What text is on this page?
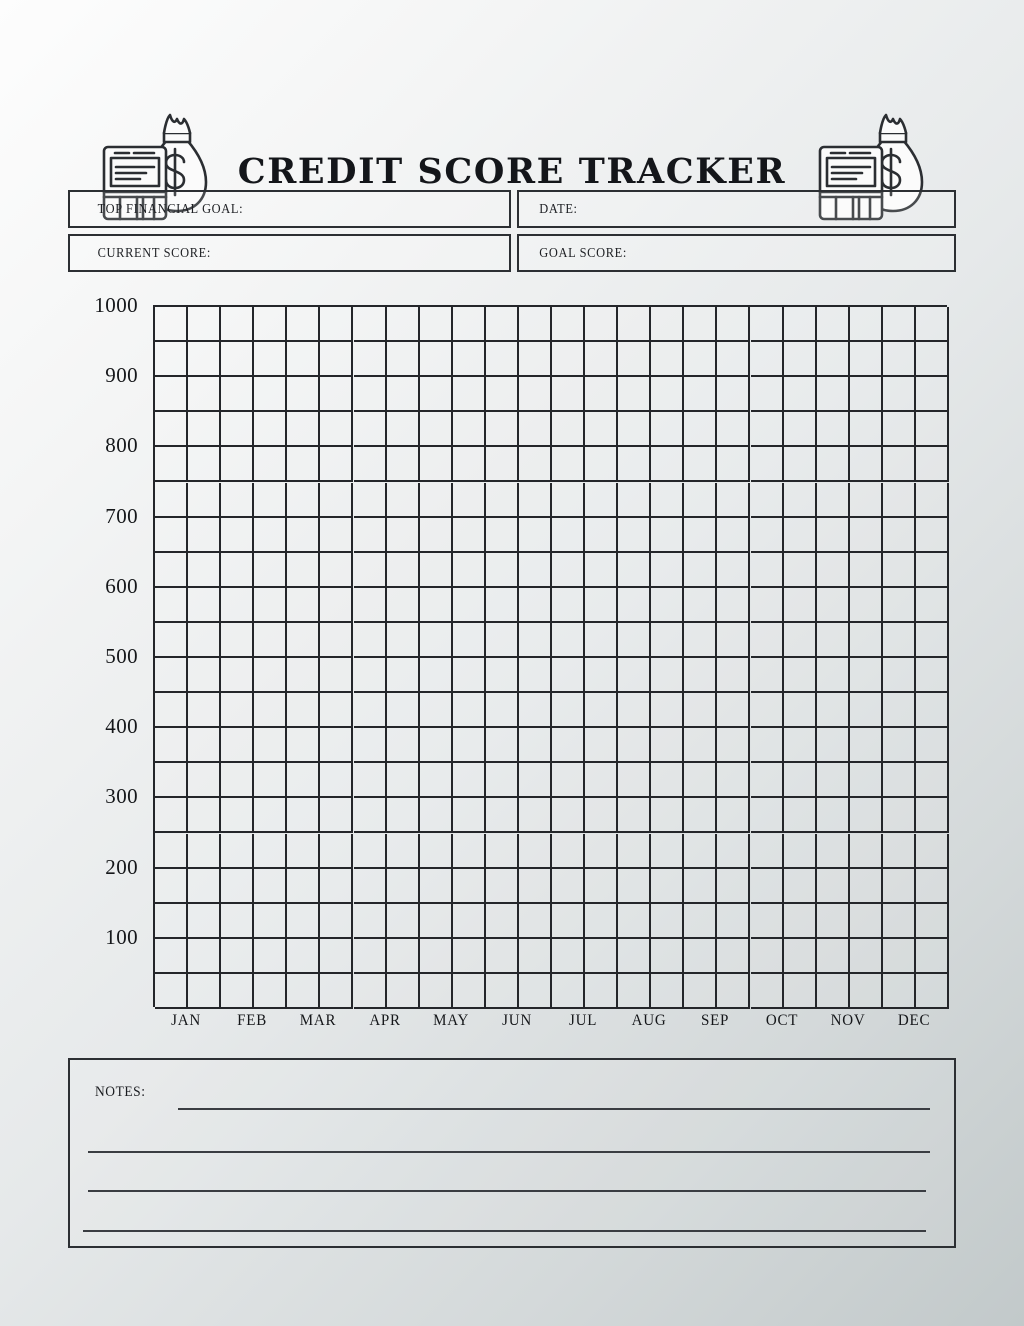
CREDIT SCORE TRACKER
TOP FINANCIAL GOAL:	DATE:
CURRENT SCORE:	GOAL SCORE:
1000
900
800
700
600
500
400
300
200
100
JAN	FEB	MAR	APR	MAY	JUN	JUL	AUG	SEP	OCT	NOV	DEC
NOTES:
